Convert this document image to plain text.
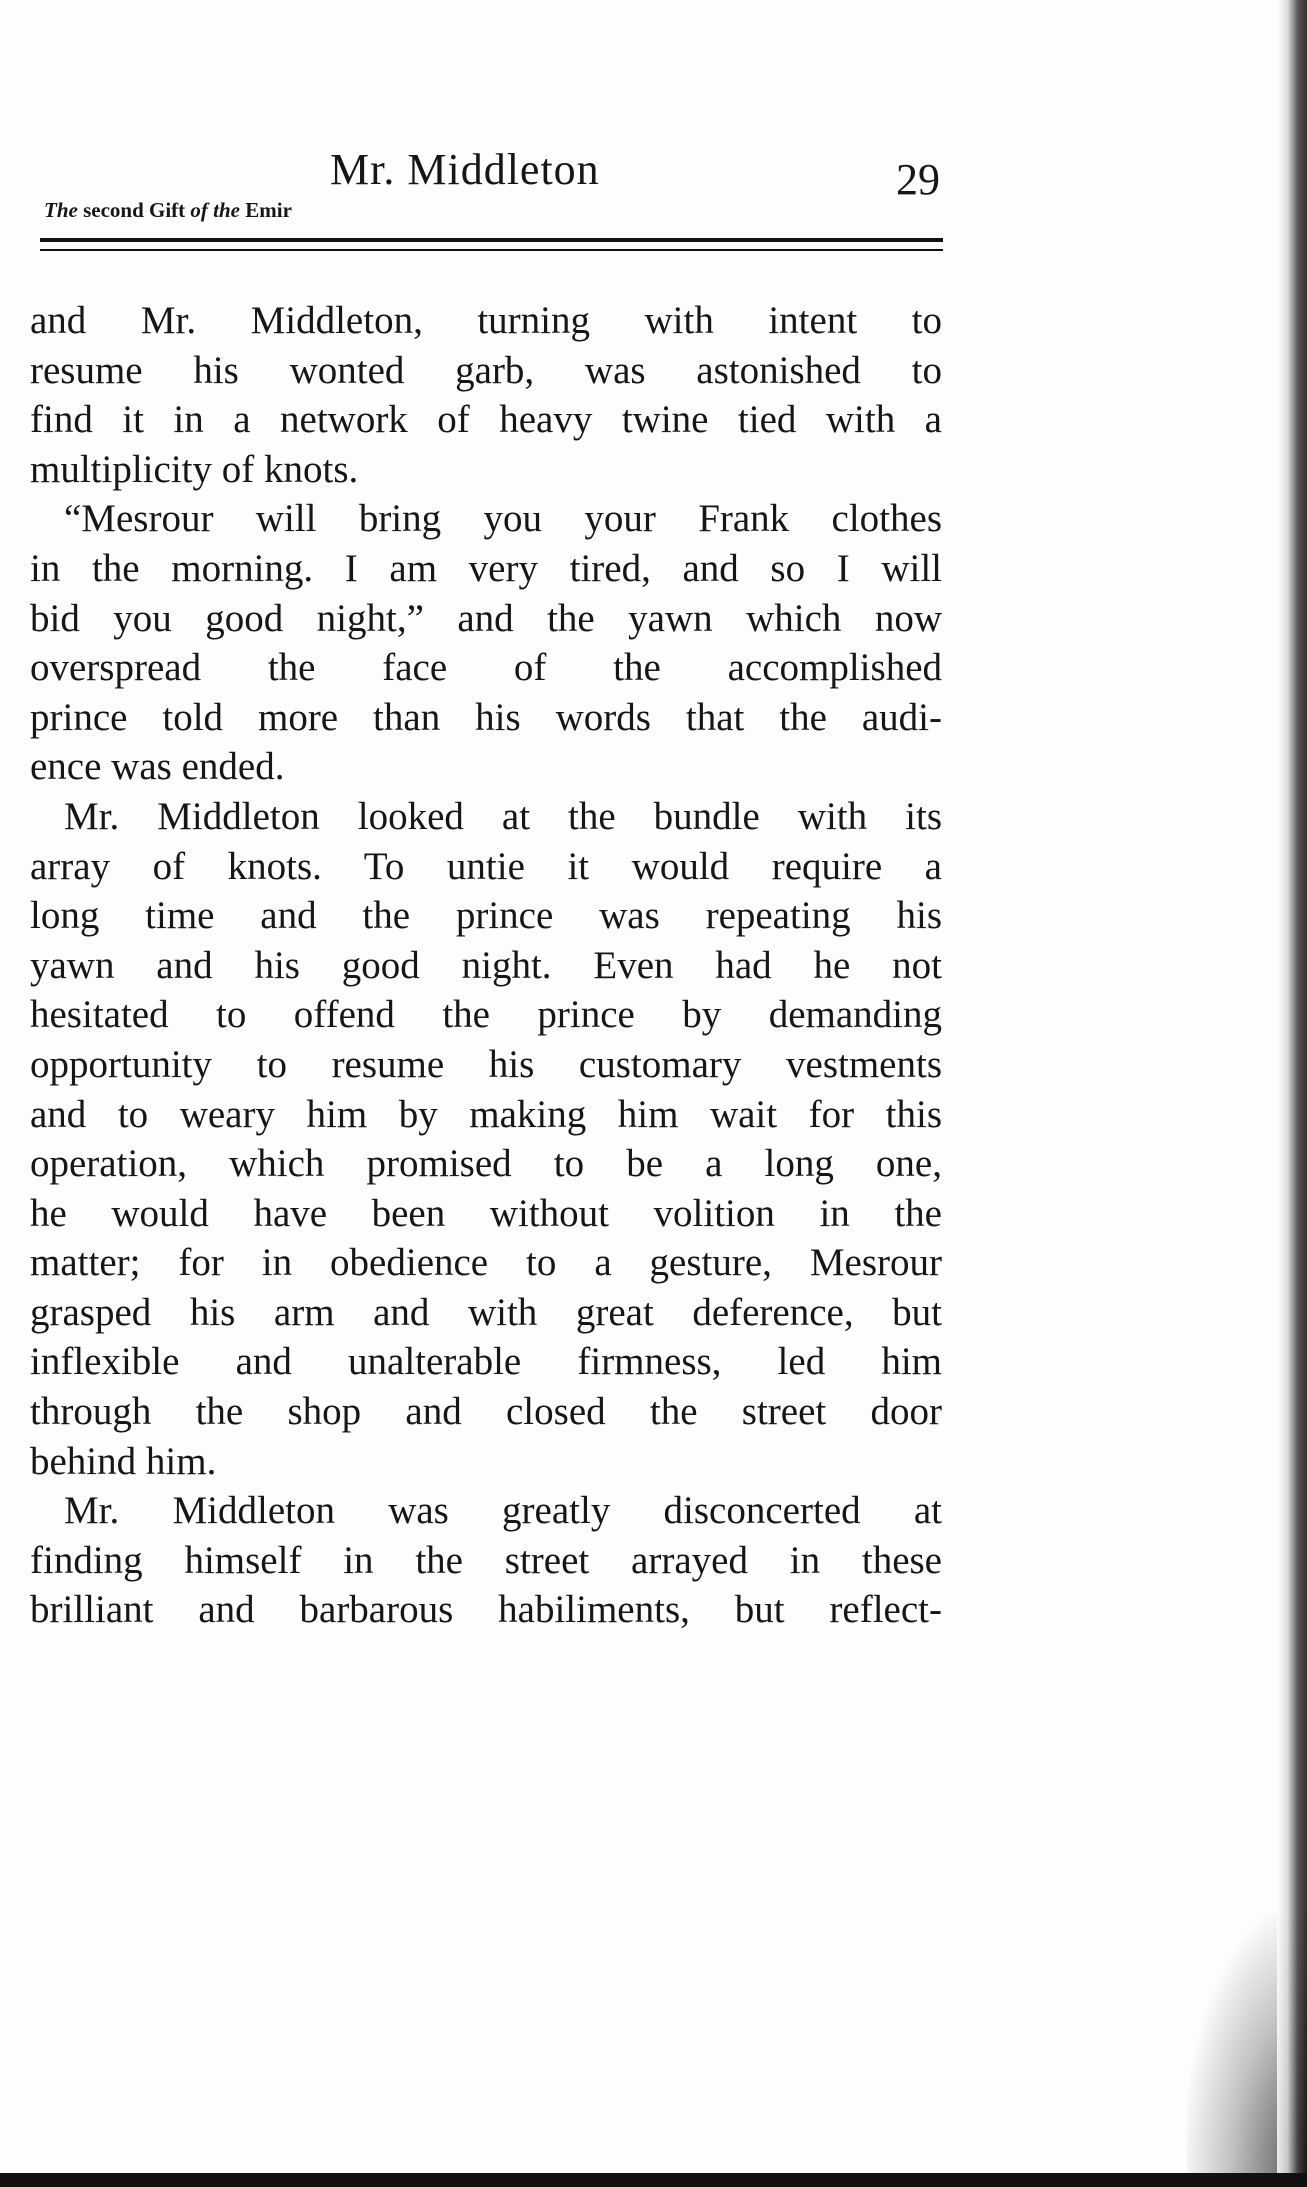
Mr. Middleton	29
The second Gift of the Emir
and Mr. Middleton, turning with intent to
resume his wonted garb, was astonished to
find it in a network of heavy twine tied with a
multiplicity of knots.
“Mesrour will bring you your Frank clothes
in the morning. I am very tired, and so I will
bid you good night,” and the yawn which now
overspread the face of the accomplished
prince told more than his words that the audi-
ence was ended.
Mr. Middleton looked at the bundle with its
array of knots. To untie it would require a
long time and the prince was repeating his
yawn and his good night. Even had he not
hesitated to offend the prince by demanding
opportunity to resume his customary vestments
and to weary him by making him wait for this
operation, which promised to be a long one,
he would have been without volition in the
matter; for in obedience to a gesture, Mesrour
grasped his arm and with great deference, but
inflexible and unalterable firmness, led him
through the shop and closed the street door
behind him.
Mr. Middleton was greatly disconcerted at
finding himself in the street arrayed in these
brilliant and barbarous habiliments, but reflect-
